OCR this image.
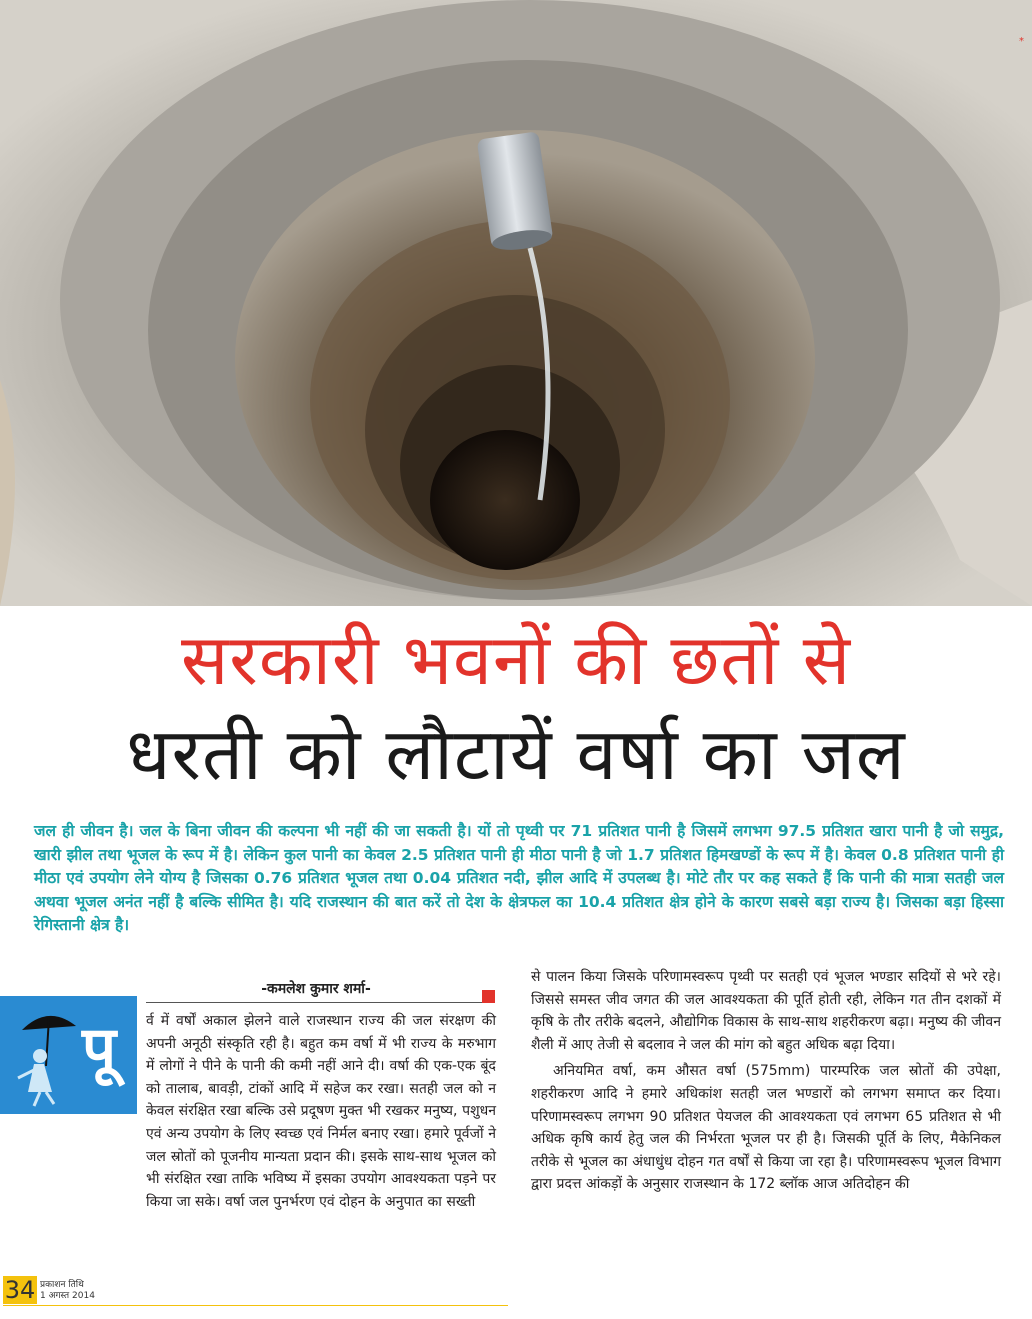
*
सरकारी भवनों की छतों से
धरती को लौटायें वर्षा का जल

जल ही जीवन है। जल के बिना जीवन की कल्पना भी नहीं की जा सकती है। यों तो पृथ्वी पर 71 प्रतिशत पानी है जिसमें लगभग 97.5 प्रतिशत खारा पानी है जो समुद्र, खारी झील तथा भूजल के रूप में है। लेकिन कुल पानी का केवल 2.5 प्रतिशत पानी ही मीठा पानी है जो 1.7 प्रतिशत हिमखण्डों के रूप में है। केवल 0.8 प्रतिशत पानी ही मीठा एवं उपयोग लेने योग्य है जिसका 0.76 प्रतिशत भूजल तथा 0.04 प्रतिशत नदी, झील आदि में उपलब्ध है। मोटे तौर पर कह सकते हैं कि पानी की मात्रा सतही जल अथवा भूजल अनंत नहीं है बल्कि सीमित है। यदि राजस्थान की बात करें तो देश के क्षेत्रफल का 10.4 प्रतिशत क्षेत्र होने के कारण सबसे बड़ा राज्य है। जिसका बड़ा हिस्सा रेगिस्तानी क्षेत्र है।

पू
-कमलेश कुमार शर्मा-

र्व में वर्षों अकाल झेलने वाले राजस्थान राज्य की जल संरक्षण की अपनी अनूठी संस्कृति रही है। बहुत कम वर्षा में भी राज्य के मरुभाग में लोगों ने पीने के पानी की कमी नहीं आने दी। वर्षा की एक-एक बूंद को तालाब, बावड़ी, टांकों आदि में सहेज कर रखा। सतही जल को न केवल संरक्षित रखा बल्कि उसे प्रदूषण मुक्त भी रखकर मनुष्य, पशुधन एवं अन्य उपयोग के लिए स्वच्छ एवं निर्मल बनाए रखा। हमारे पूर्वजों ने जल स्रोतों को पूजनीय मान्यता प्रदान की। इसके साथ-साथ भूजल को भी संरक्षित रखा ताकि भविष्य में इसका उपयोग आवश्यकता पड़ने पर किया जा सके। वर्षा जल पुनर्भरण एवं दोहन के अनुपात का सख्ती

से पालन किया जिसके परिणामस्वरूप पृथ्वी पर सतही एवं भूजल भण्डार सदियों से भरे रहे। जिससे समस्त जीव जगत की जल आवश्यकता की पूर्ति होती रही, लेकिन गत तीन दशकों में कृषि के तौर तरीके बदलने, औद्योगिक विकास के साथ-साथ शहरीकरण बढ़ा। मनुष्य की जीवन शैली में आए तेजी से बदलाव ने जल की मांग को बहुत अधिक बढ़ा दिया।

अनियमित वर्षा, कम औसत वर्षा (575mm) पारम्परिक जल स्रोतों की उपेक्षा, शहरीकरण आदि ने हमारे अधिकांश सतही जल भण्डारों को लगभग समाप्त कर दिया। परिणामस्वरूप लगभग 90 प्रतिशत पेयजल की आवश्यकता एवं लगभग 65 प्रतिशत से भी अधिक कृषि कार्य हेतु जल की निर्भरता भूजल पर ही है। जिसकी पूर्ति के लिए, मैकेनिकल तरीके से भूजल का अंधाधुंध दोहन गत वर्षों से किया जा रहा है। परिणामस्वरूप भूजल विभाग द्वारा प्रदत्त आंकड़ों के अनुसार राजस्थान के 172 ब्लॉक आज अतिदोहन की

34 प्रकाशन तिथि
1 अगस्त 2014
